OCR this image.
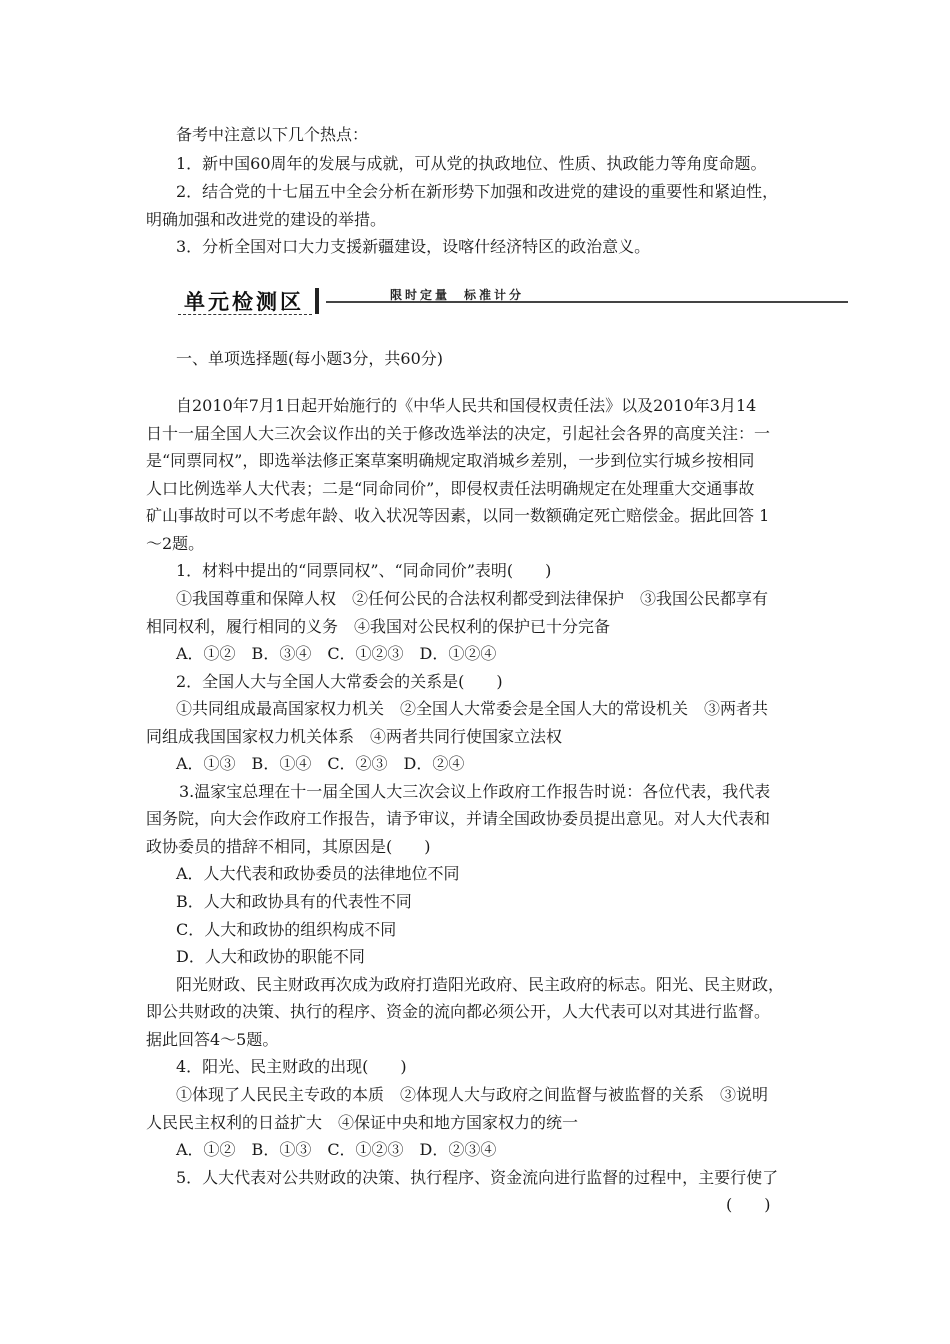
备考中注意以下几个热点：
1．新中国60周年的发展与成就，可从党的执政地位、性质、执政能力等角度命题。
2．结合党的十七届五中全会分析在新形势下加强和改进党的建设的重要性和紧迫性，
明确加强和改进党的建设的举措。
3．分析全国对口大力支援新疆建设，设喀什经济特区的政治意义。
单元检测区	限时定量 标准计分
一、单项选择题(每小题3分，共60分)
自2010年7月1日起开始施行的《中华人民共和国侵权责任法》以及2010年3月14
日十一届全国人大三次会议作出的关于修改选举法的决定，引起社会各界的高度关注：一
是“同票同权”，即选举法修正案草案明确规定取消城乡差别，一步到位实行城乡按相同
人口比例选举人大代表；二是“同命同价”，即侵权责任法明确规定在处理重大交通事故
矿山事故时可以不考虑年龄、收入状况等因素，以同一数额确定死亡赔偿金。据此回答 1
～2题。
1．材料中提出的“同票同权”、“同命同价”表明(　　)
①我国尊重和保障人权　②任何公民的合法权利都受到法律保护　③我国公民都享有
相同权利，履行相同的义务　④我国对公民权利的保护已十分完备
A．①②　B．③④　C．①②③　D．①②④
2．全国人大与全国人大常委会的关系是(　　)
①共同组成最高国家权力机关　②全国人大常委会是全国人大的常设机关　③两者共
同组成我国国家权力机关体系　④两者共同行使国家立法权
A．①③　B．①④　C．②③　D．②④
3.温家宝总理在十一届全国人大三次会议上作政府工作报告时说：各位代表，我代表
国务院，向大会作政府工作报告，请予审议，并请全国政协委员提出意见。对人大代表和
政协委员的措辞不相同，其原因是(　　)
A．人大代表和政协委员的法律地位不同
B．人大和政协具有的代表性不同
C．人大和政协的组织构成不同
D．人大和政协的职能不同
阳光财政、民主财政再次成为政府打造阳光政府、民主政府的标志。阳光、民主财政，
即公共财政的决策、执行的程序、资金的流向都必须公开，人大代表可以对其进行监督。
据此回答4～5题。
4．阳光、民主财政的出现(　　)
①体现了人民民主专政的本质　②体现人大与政府之间监督与被监督的关系　③说明
人民民主权利的日益扩大　④保证中央和地方国家权力的统一
A．①②　B．①③　C．①②③　D．②③④
5．人大代表对公共财政的决策、执行程序、资金流向进行监督的过程中，主要行使了
(　　)
